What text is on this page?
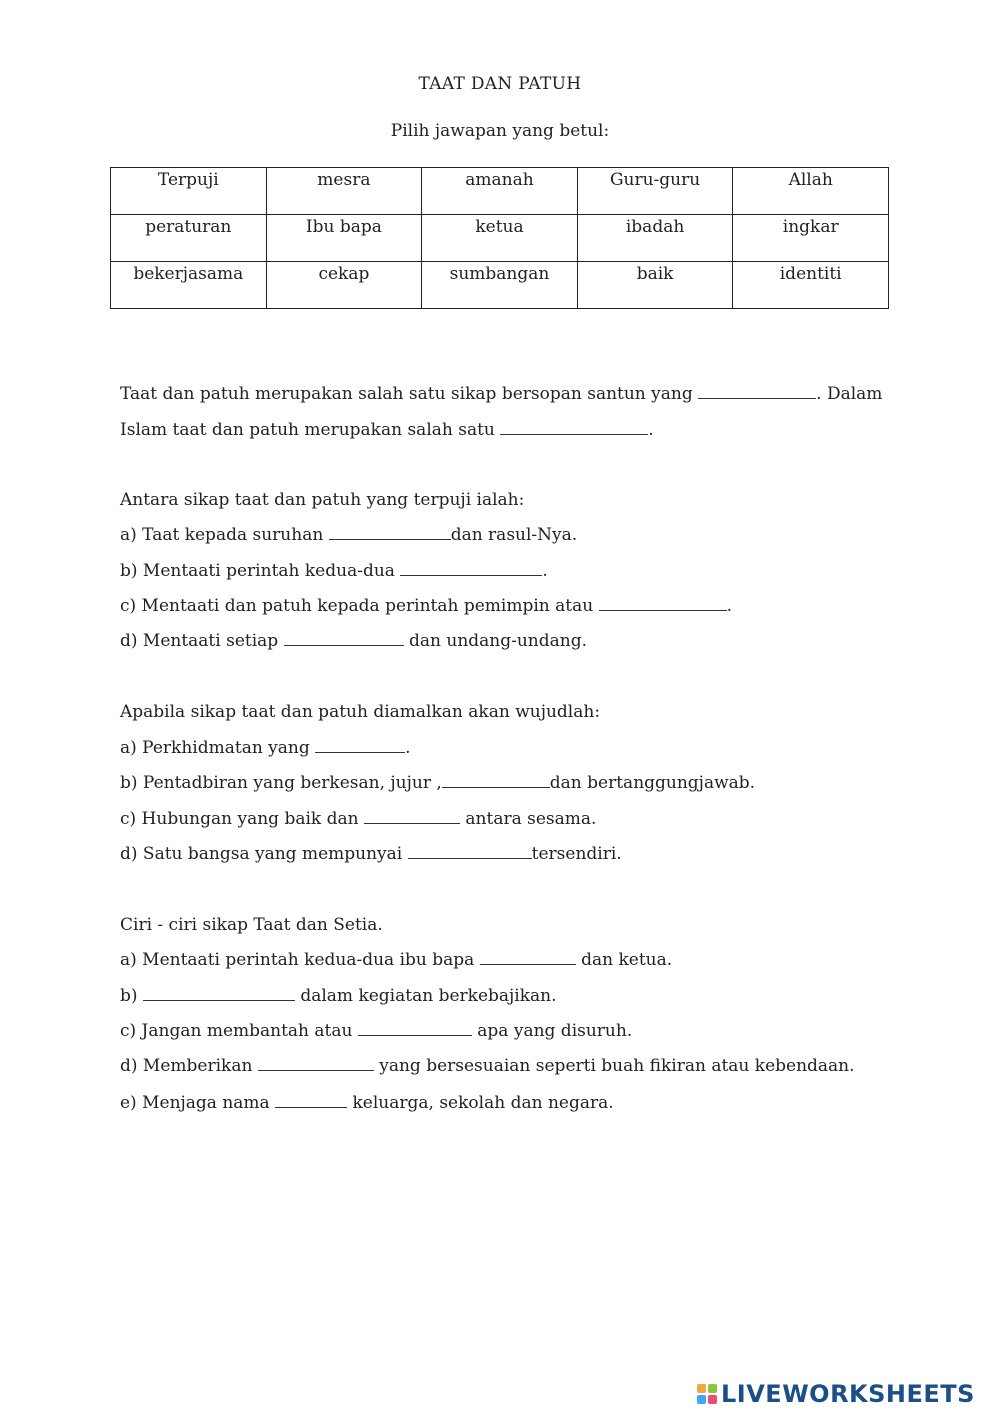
TAAT DAN PATUH
Pilih jawapan yang betul:
Terpuji	mesra	amanah	Guru-guru	Allah
peraturan	Ibu bapa	ketua	ibadah	ingkar
bekerjasama	cekap	sumbangan	baik	identiti
Taat dan patuh merupakan salah satu sikap bersopan santun yang	. Dalam
Islam taat dan patuh merupakan salah satu	.
Antara sikap taat dan patuh yang terpuji ialah:
a) Taat kepada suruhan	dan rasul-Nya.
b) Mentaati perintah kedua-dua	.
c) Mentaati dan patuh kepada perintah pemimpin atau	.
d) Mentaati setiap	dan undang-undang.
Apabila sikap taat dan patuh diamalkan akan wujudlah:
a) Perkhidmatan yang	.
b) Pentadbiran yang berkesan, jujur ,	dan bertanggungjawab.
c) Hubungan yang baik dan	antara sesama.
d) Satu bangsa yang mempunyai	tersendiri.
Ciri - ciri sikap Taat dan Setia.
a) Mentaati perintah kedua-dua ibu bapa	dan ketua.
b)	dalam kegiatan berkebajikan.
c) Jangan membantah atau	apa yang disuruh.
d) Memberikan	yang bersesuaian seperti buah fikiran atau kebendaan.
e) Menjaga nama	keluarga, sekolah dan negara.
LIVEWORKSHEETS
